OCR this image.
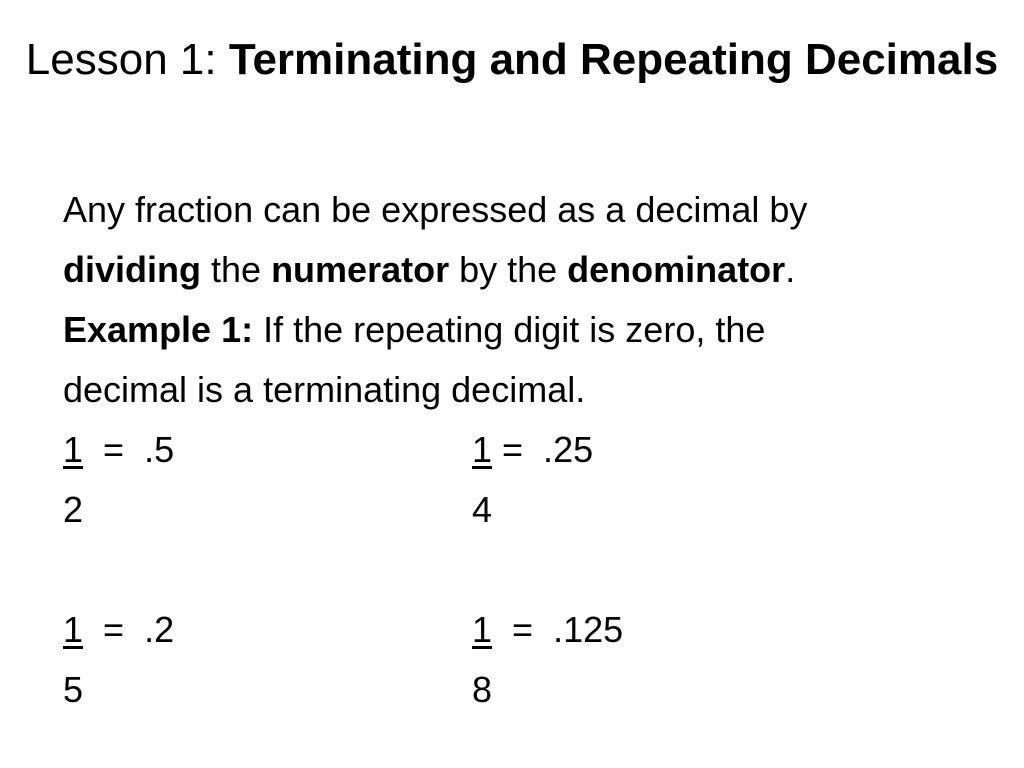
Lesson 1: Terminating and Repeating Decimals
Any fraction can be expressed as a decimal by
dividing the numerator by the denominator.
Example 1: If the repeating digit is zero, the
decimal is a terminating decimal.
1  =  .5
2
1 =  .25
4
1  =  .2
5
1  =  .125
8
